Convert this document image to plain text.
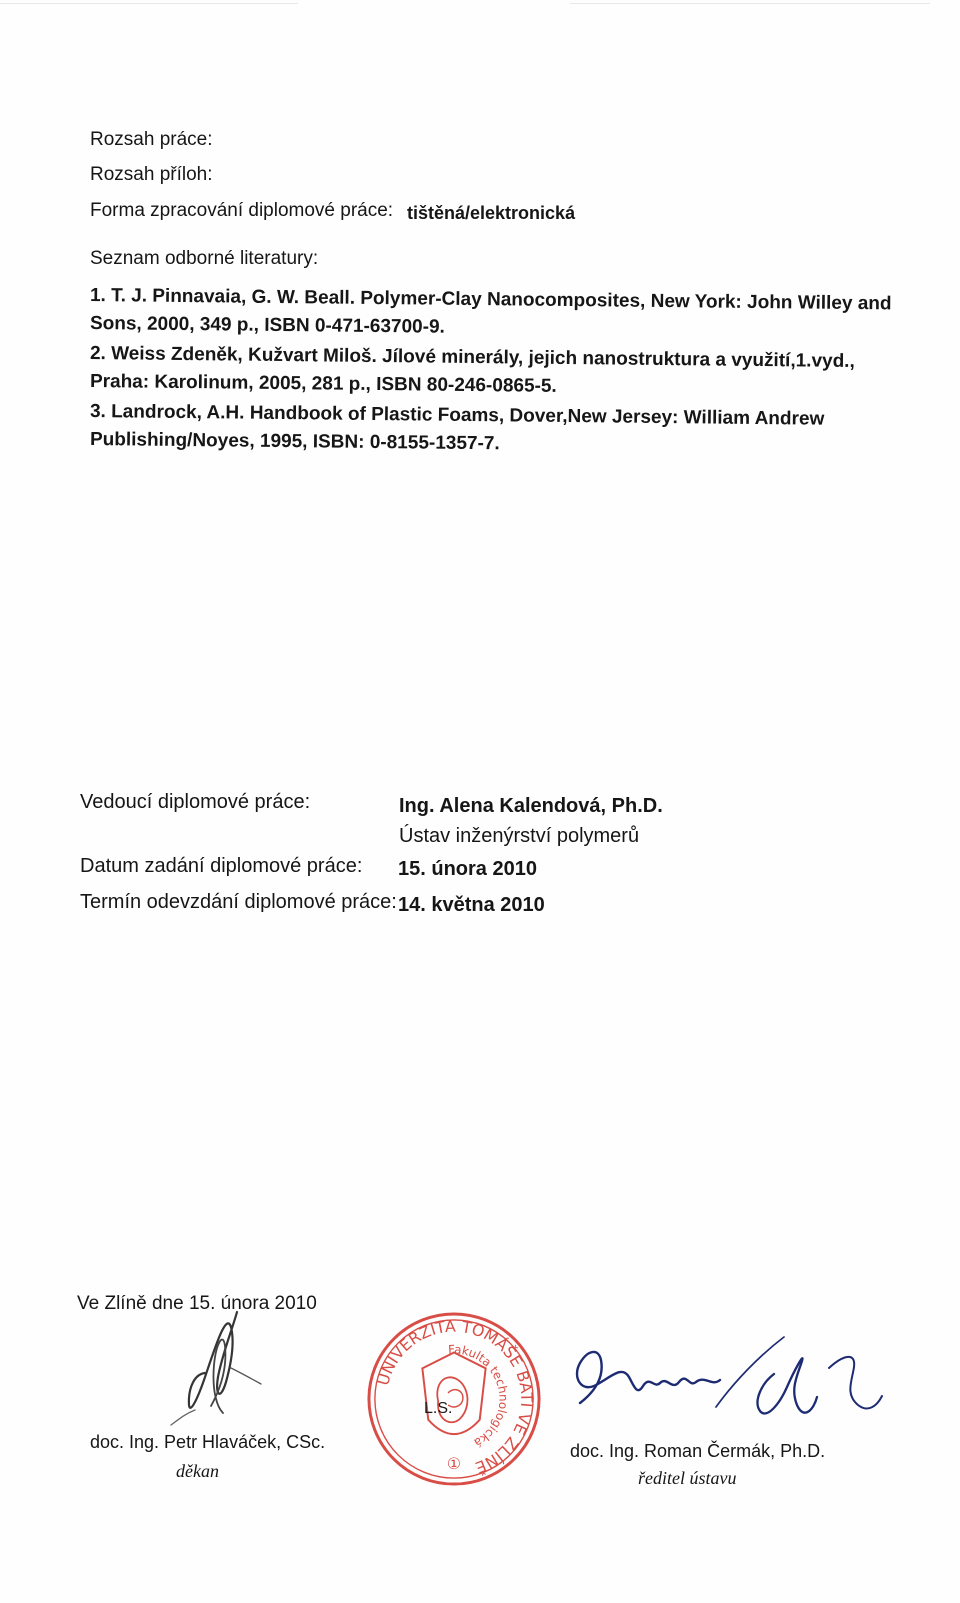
Rozsah práce:
Rozsah příloh:
Forma zpracování diplomové práce: tištěná/elektronická
Seznam odborné literatury:
1. T. J. Pinnavaia, G. W. Beall. Polymer-Clay Nanocomposites, New York: John Willey and
Sons, 2000, 349 p., ISBN 0-471-63700-9.
2. Weiss Zdeněk, Kužvart Miloš. Jílové minerály, jejich nanostruktura a využití,1.vyd.,
Praha: Karolinum, 2005, 281 p., ISBN 80-246-0865-5.
3. Landrock, A.H. Handbook of Plastic Foams, Dover,New Jersey: William Andrew
Publishing/Noyes, 1995, ISBN: 0-8155-1357-7.
Vedoucí diplomové práce:	Ing. Alena Kalendová, Ph.D.
Ústav inženýrství polymerů
Datum zadání diplomové práce: 15. února 2010
Termín odevzdání diplomové práce: 14. května 2010
Ve Zlíně dne 15. února 2010
doc. Ing. Petr Hlaváček, CSc.
děkan
UNIVERZITA TOMÁŠE BATI VE ZLÍNĚ
Fakulta technologická
①
L.S.
doc. Ing. Roman Čermák, Ph.D.
ředitel ústavu
